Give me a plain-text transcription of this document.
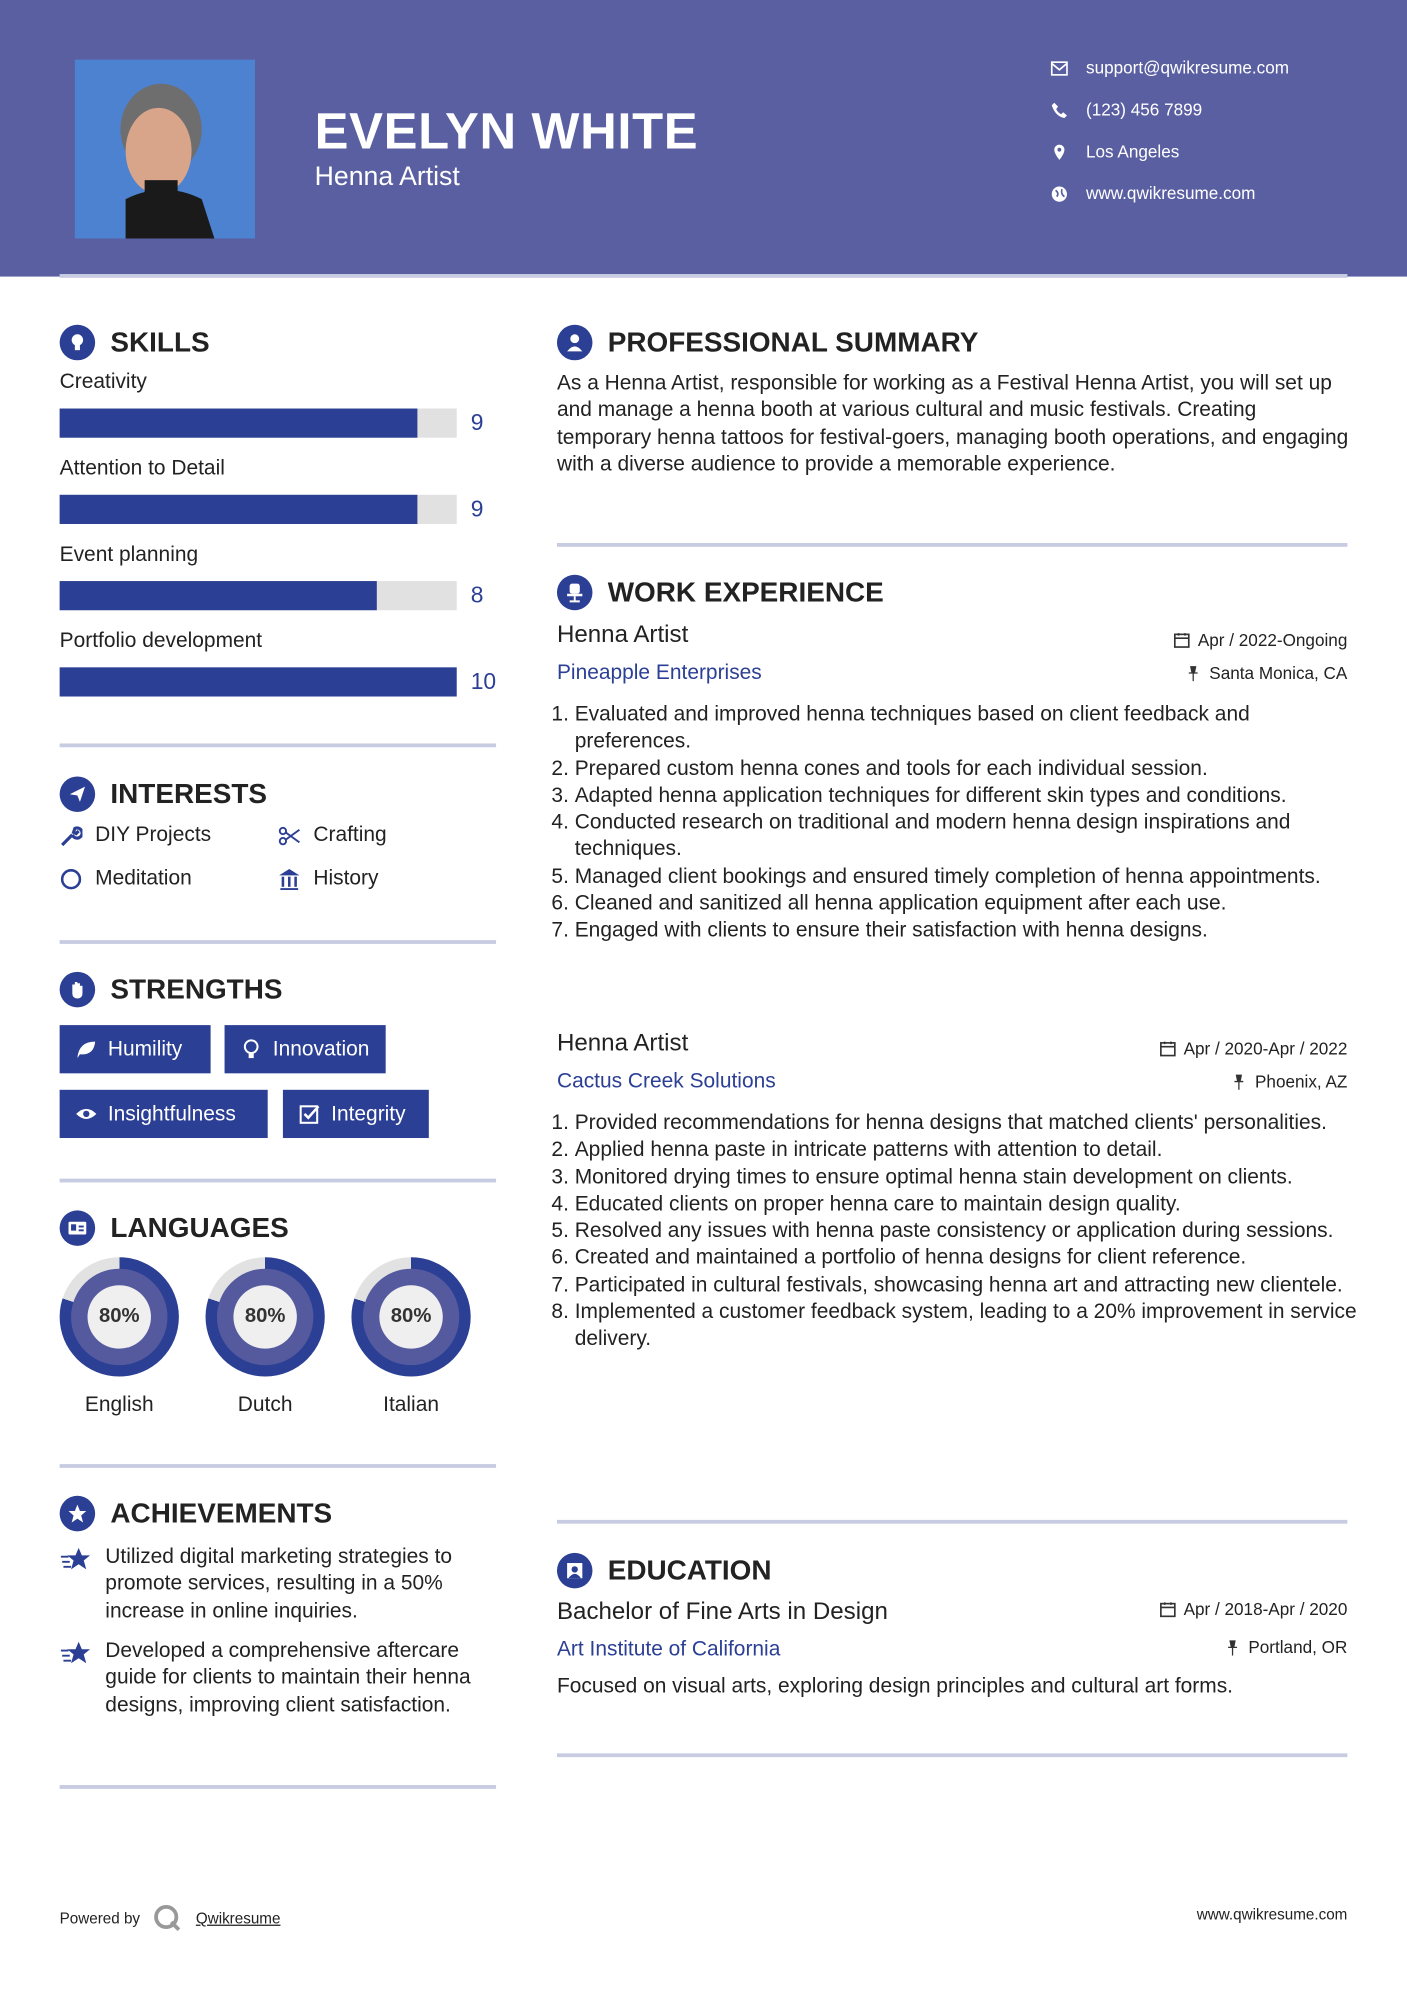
EVELYN WHITE
Henna Artist
support@qwikresume.com
(123) 456 7899
Los Angeles
www.qwikresume.com
SKILLS
Creativity
9
Attention to Detail
9
Event planning
8
Portfolio development
10
INTERESTS
DIY Projects	Crafting
Meditation	History
STRENGTHS
Humility	Innovation
Insightfulness	Integrity
LANGUAGES
80%
English
80%
Dutch
80%
Italian
ACHIEVEMENTS
Utilized digital marketing strategies to promote services, resulting in a 50% increase in online inquiries.
Developed a comprehensive aftercare guide for clients to maintain their henna designs, improving client satisfaction.
PROFESSIONAL SUMMARY
As a Henna Artist, responsible for working as a Festival Henna Artist, you will set up and manage a henna booth at various cultural and music festivals. Creating temporary henna tattoos for festival-goers, managing booth operations, and engaging with a diverse audience to provide a memorable experience.
WORK EXPERIENCE
Henna Artist
Pineapple Enterprises
Apr / 2022-Ongoing
Santa Monica, CA
1. Evaluated and improved henna techniques based on client feedback and preferences.
2. Prepared custom henna cones and tools for each individual session.
3. Adapted henna application techniques for different skin types and conditions.
4. Conducted research on traditional and modern henna design inspirations and techniques.
5. Managed client bookings and ensured timely completion of henna appointments.
6. Cleaned and sanitized all henna application equipment after each use.
7. Engaged with clients to ensure their satisfaction with henna designs.
Henna Artist
Cactus Creek Solutions
Apr / 2020-Apr / 2022
Phoenix, AZ
1. Provided recommendations for henna designs that matched clients' personalities.
2. Applied henna paste in intricate patterns with attention to detail.
3. Monitored drying times to ensure optimal henna stain development on clients.
4. Educated clients on proper henna care to maintain design quality.
5. Resolved any issues with henna paste consistency or application during sessions.
6. Created and maintained a portfolio of henna designs for client reference.
7. Participated in cultural festivals, showcasing henna art and attracting new clientele.
8. Implemented a customer feedback system, leading to a 20% improvement in service delivery.
EDUCATION
Bachelor of Fine Arts in Design
Art Institute of California
Apr / 2018-Apr / 2020
Portland, OR
Focused on visual arts, exploring design principles and cultural art forms.
Powered by	Qwikresume	www.qwikresume.com
